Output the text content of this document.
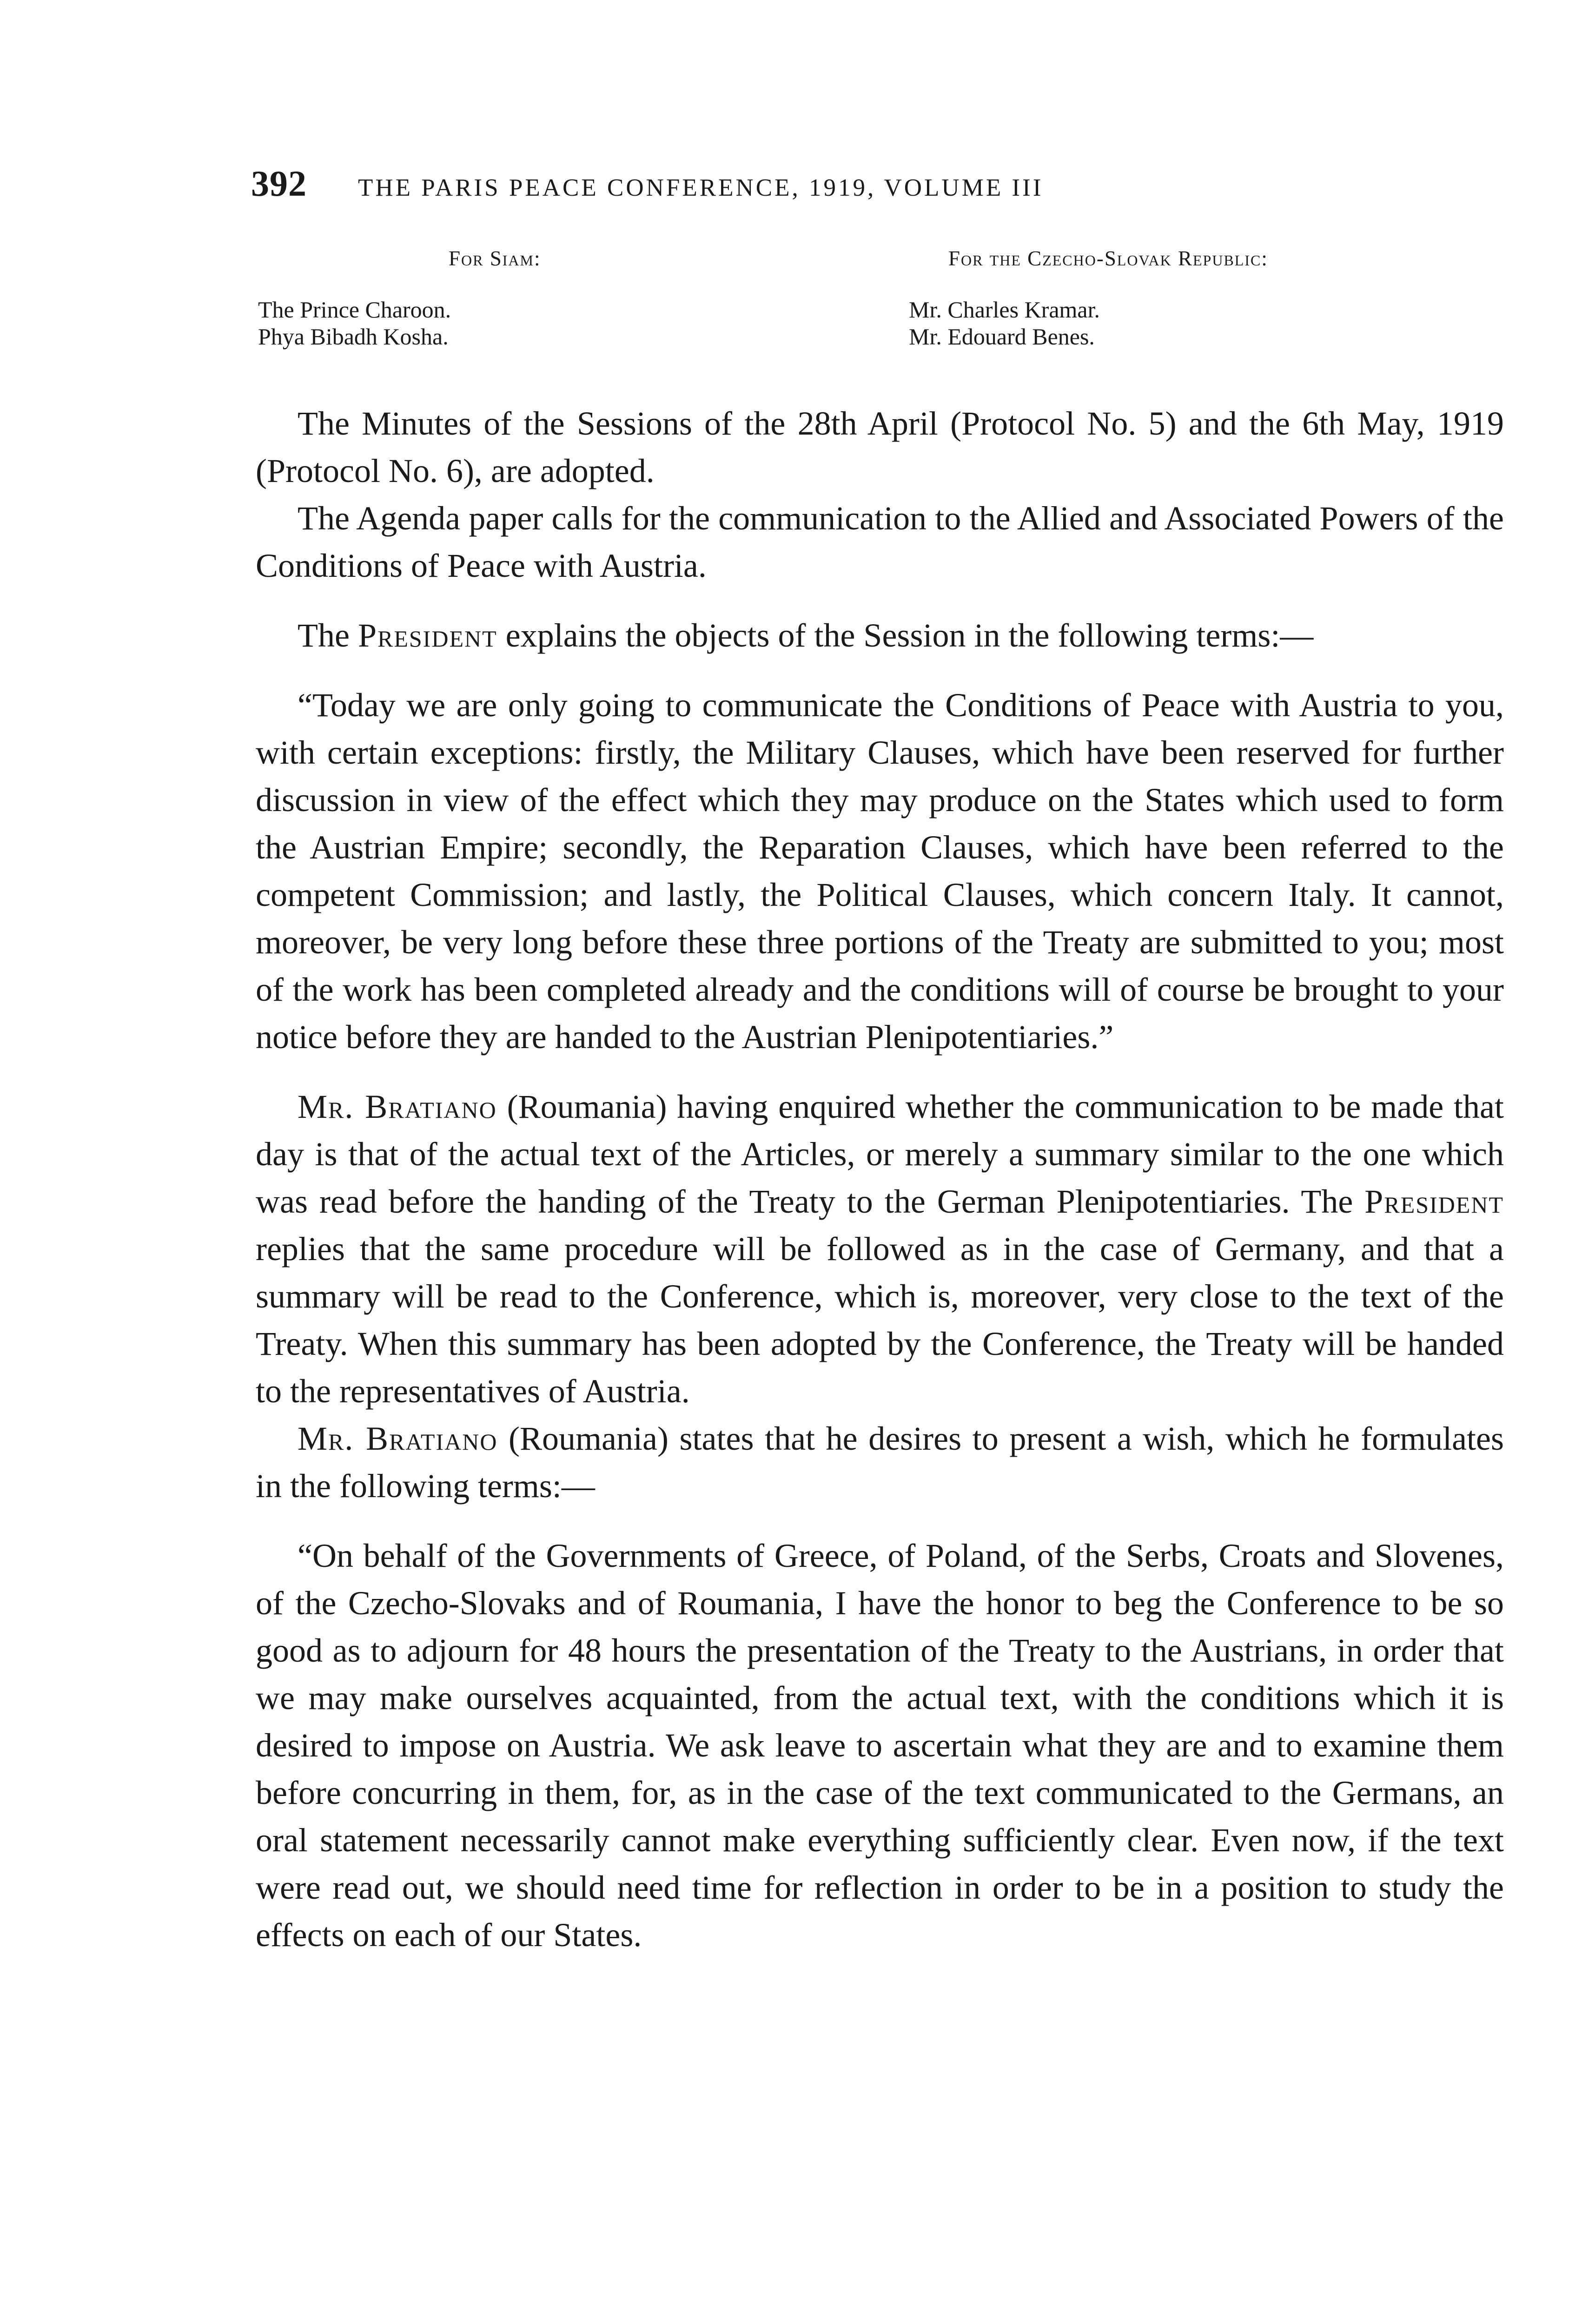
392 THE PARIS PEACE CONFERENCE, 1919, VOLUME III
For Siam:
The Prince Charoon.
Phya Bibadh Kosha.
For the Czecho-Slovak Republic:
Mr. Charles Kramar.
Mr. Edouard Benes.

The Minutes of the Sessions of the 28th April (Protocol No. 5) and the 6th May, 1919 (Protocol No. 6), are adopted.

The Agenda paper calls for the communication to the Allied and Associated Powers of the Conditions of Peace with Austria.

The President explains the objects of the Session in the following terms:—

“Today we are only going to communicate the Conditions of Peace with Austria to you, with certain exceptions: firstly, the Military Clauses, which have been reserved for further discussion in view of the effect which they may produce on the States which used to form the Austrian Empire; secondly, the Reparation Clauses, which have been referred to the competent Commission; and lastly, the Political Clauses, which concern Italy. It cannot, moreover, be very long before these three portions of the Treaty are submitted to you; most of the work has been completed already and the conditions will of course be brought to your notice before they are handed to the Austrian Plenipotentiaries.”

Mr. Bratiano (Roumania) having enquired whether the communication to be made that day is that of the actual text of the Articles, or merely a summary similar to the one which was read before the handing of the Treaty to the German Plenipotentiaries. The President replies that the same procedure will be followed as in the case of Germany, and that a summary will be read to the Conference, which is, moreover, very close to the text of the Treaty. When this summary has been adopted by the Conference, the Treaty will be handed to the representatives of Austria.

Mr. Bratiano (Roumania) states that he desires to present a wish, which he formulates in the following terms:—

“On behalf of the Governments of Greece, of Poland, of the Serbs, Croats and Slovenes, of the Czecho-Slovaks and of Roumania, I have the honor to beg the Conference to be so good as to adjourn for 48 hours the presentation of the Treaty to the Austrians, in order that we may make ourselves acquainted, from the actual text, with the conditions which it is desired to impose on Austria. We ask leave to ascertain what they are and to examine them before concurring in them, for, as in the case of the text communicated to the Germans, an oral statement necessarily cannot make everything sufficiently clear. Even now, if the text were read out, we should need time for reflection in order to be in a position to study the effects on each of our States.
